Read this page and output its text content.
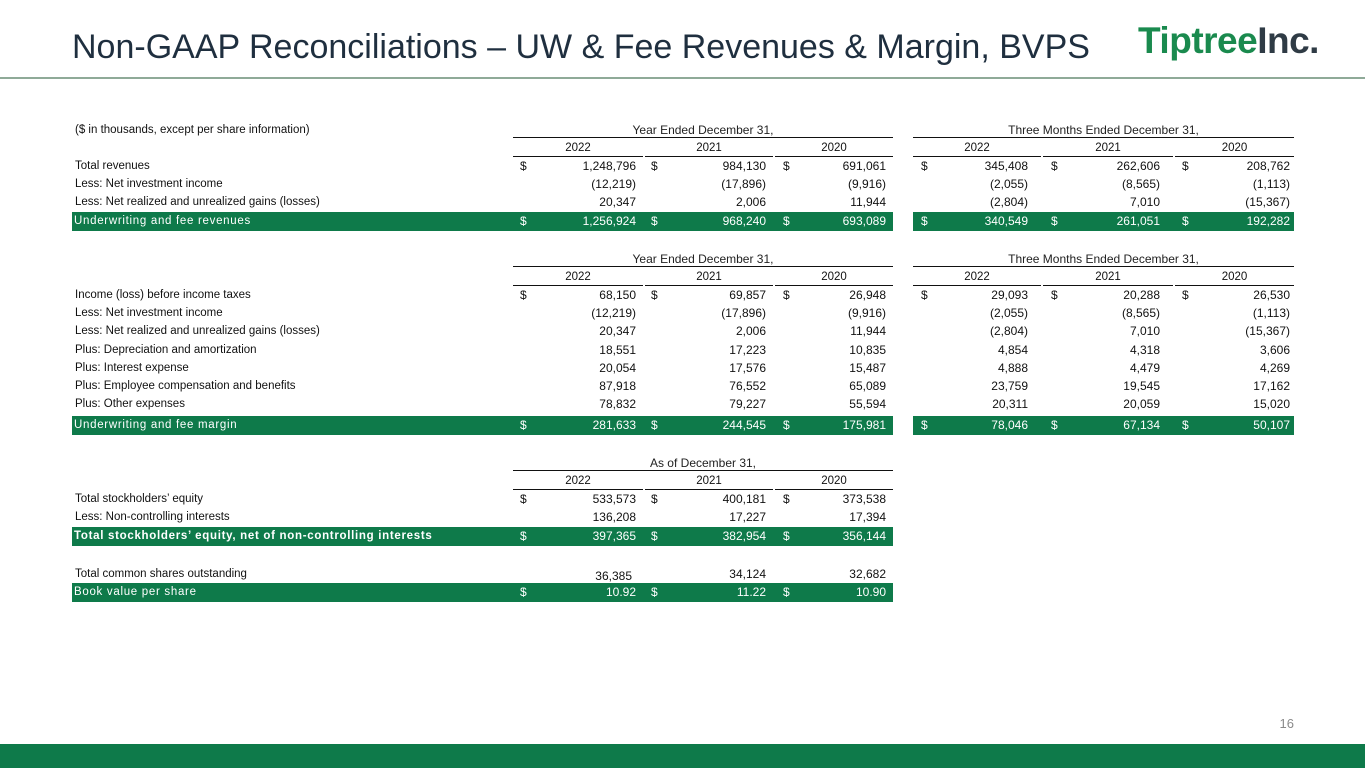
Non-GAAP Reconciliations – UW & Fee Revenues & Margin, BVPS TiptreeInc.
($ in thousands, except per share information)	Year Ended December 31,	Three Months Ended December 31,
2022	2021	2020	2022	2021	2020
Total revenues	$	1,248,796 $	984,130 $	691,061	$	345,408 $	262,606 $	208,762
Less: Net investment income	(12,219)	(17,896)	(9,916)	(2,055)	(8,565)	(1,113)
Less: Net realized and unrealized gains (losses)	20,347	2,006	11,944	(2,804)	7,010	(15,367)
Underwriting and fee revenues	$	1,256,924 $	968,240 $	693,089	$	340,549 $	261,051 $	192,282
Year Ended December 31,	Three Months Ended December 31,
2022	2021	2020	2022	2021	2020
Income (loss) before income taxes	$	68,150 $	69,857 $	26,948	$	29,093 $	20,288 $	26,530
Less: Net investment income	(12,219)	(17,896)	(9,916)	(2,055)	(8,565)	(1,113)
Less: Net realized and unrealized gains (losses)	20,347	2,006	11,944	(2,804)	7,010	(15,367)
Plus: Depreciation and amortization	18,551	17,223	10,835	4,854	4,318	3,606
Plus: Interest expense	20,054	17,576	15,487	4,888	4,479	4,269
Plus: Employee compensation and benefits	87,918	76,552	65,089	23,759	19,545	17,162
Plus: Other expenses	78,832	79,227	55,594	20,311	20,059	15,020
Underwriting and fee margin	$	281,633 $	244,545 $	175,981	$	78,046 $	67,134 $	50,107
As of December 31,
2022	2021	2020
Total stockholders’ equity	$	533,573 $	400,181 $	373,538
Less: Non-controlling interests	136,208	17,227	17,394
Total stockholders’ equity, net of non-controlling interests	$	397,365 $	382,954 $	356,144
Total common shares outstanding	36,385	34,124	32,682
Book value per share	$	10.92 $	11.22 $	10.90
16
